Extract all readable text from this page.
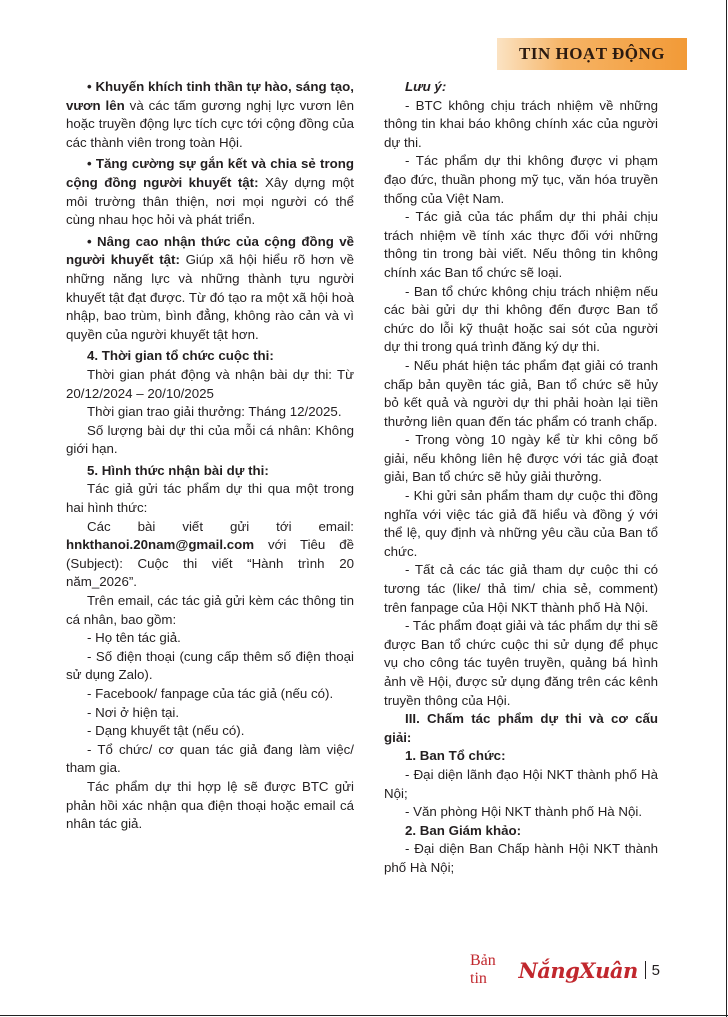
TIN HOẠT ĐỘNG

• Khuyến khích tinh thần tự hào, sáng tạo, vươn lên và các tấm gương nghị lực vươn lên hoặc truyền động lực tích cực tới cộng đồng của các thành viên trong toàn Hội.

• Tăng cường sự gắn kết và chia sẻ trong cộng đồng người khuyết tật: Xây dựng một môi trường thân thiện, nơi mọi người có thể cùng nhau học hỏi và phát triển.

• Nâng cao nhận thức của cộng đồng về người khuyết tật: Giúp xã hội hiểu rõ hơn về những năng lực và những thành tựu người khuyết tật đạt được. Từ đó tạo ra một xã hội hoà nhập, bao trùm, bình đẳng, không rào cản và vì quyền của người khuyết tật hơn.

4. Thời gian tổ chức cuộc thi:

Thời gian phát động và nhận bài dự thi: Từ 20/12/2024 – 20/10/2025

Thời gian trao giải thưởng: Tháng 12/2025.

Số lượng bài dự thi của mỗi cá nhân: Không giới hạn.

5. Hình thức nhận bài dự thi:

Tác giả gửi tác phẩm dự thi qua một trong hai hình thức:

Các bài viết gửi tới email: hnkthanoi.20nam@gmail.com với Tiêu đề (Subject): Cuộc thi viết “Hành trình 20 năm_2026”.

Trên email, các tác giả gửi kèm các thông tin cá nhân, bao gồm:

- Họ tên tác giả.

- Số điện thoại (cung cấp thêm số điện thoại sử dụng Zalo).

- Facebook/ fanpage của tác giả (nếu có).

- Nơi ở hiện tại.

- Dạng khuyết tật (nếu có).

- Tổ chức/ cơ quan tác giả đang làm việc/ tham gia.

Tác phẩm dự thi hợp lệ sẽ được BTC gửi phản hồi xác nhận qua điện thoại hoặc email cá nhân tác giả.

Lưu ý:

- BTC không chịu trách nhiệm về những thông tin khai báo không chính xác của người dự thi.

- Tác phẩm dự thi không được vi phạm đạo đức, thuần phong mỹ tục, văn hóa truyền thống của Việt Nam.

- Tác giả của tác phẩm dự thi phải chịu trách nhiệm về tính xác thực đối với những thông tin trong bài viết. Nếu thông tin không chính xác Ban tổ chức sẽ loại.

- Ban tổ chức không chịu trách nhiệm nếu các bài gửi dự thi không đến được Ban tổ chức do lỗi kỹ thuật hoặc sai sót của người dự thi trong quá trình đăng ký dự thi.

- Nếu phát hiện tác phẩm đạt giải có tranh chấp bản quyền tác giả, Ban tổ chức sẽ hủy bỏ kết quả và người dự thi phải hoàn lại tiền thưởng liên quan đến tác phẩm có tranh chấp.

- Trong vòng 10 ngày kể từ khi công bố giải, nếu không liên hệ được với tác giả đoạt giải, Ban tổ chức sẽ hủy giải thưởng.

- Khi gửi sản phẩm tham dự cuộc thi đồng nghĩa với việc tác giả đã hiểu và đồng ý với thể lệ, quy định và những yêu cầu của Ban tổ chức.

- Tất cả các tác giả tham dự cuộc thi có tương tác (like/ thả tim/ chia sẻ, comment) trên fanpage của Hội NKT thành phố Hà Nội.

- Tác phẩm đoạt giải và tác phẩm dự thi sẽ được Ban tổ chức cuộc thi sử dụng để phục vụ cho công tác tuyên truyền, quảng bá hình ảnh về Hội, được sử dụng đăng trên các kênh truyền thông của Hội.

III. Chấm tác phẩm dự thi và cơ cấu giải:

1. Ban Tổ chức:

- Đại diện lãnh đạo Hội NKT thành phố Hà Nội;

- Văn phòng Hội NKT thành phố Hà Nội.

2. Ban Giám khảo:

- Đại diện Ban Chấp hành Hội NKT thành phố Hà Nội;

Bản tin	NắngXuân 5
